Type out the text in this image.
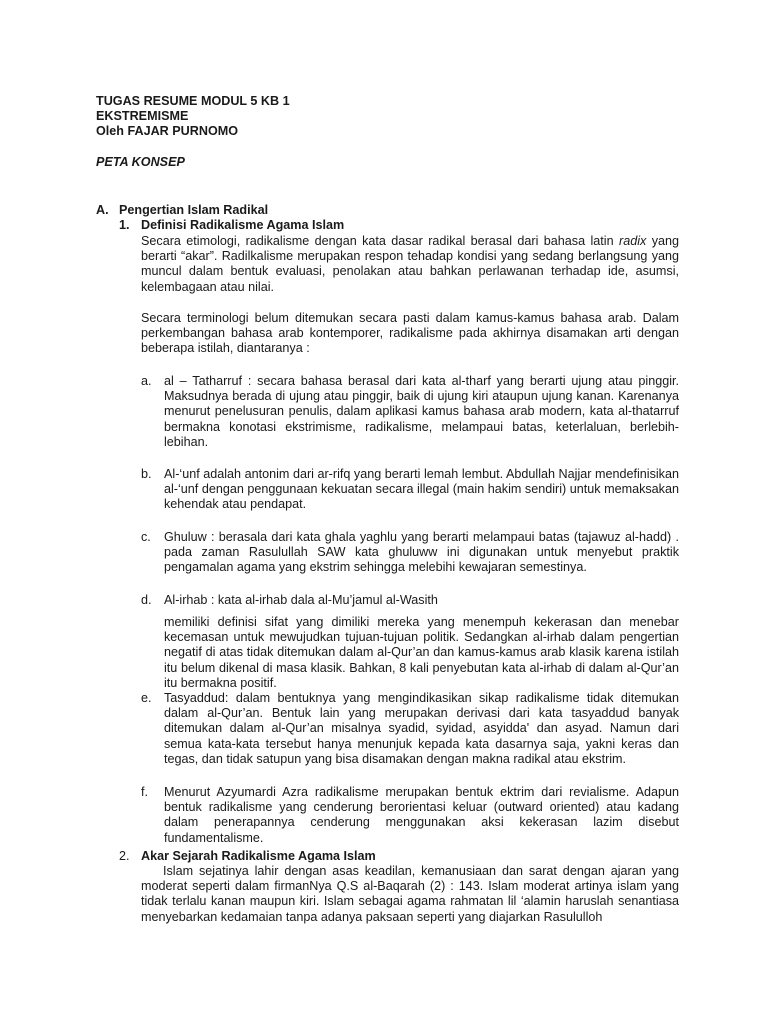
TUGAS RESUME MODUL 5 KB 1
EKSTREMISME
Oleh FAJAR PURNOMO
PETA KONSEP
A. Pengertian Islam Radikal
1. Definisi Radikalisme Agama Islam

Secara etimologi, radikalisme dengan kata dasar radikal berasal dari bahasa latin radix yang berarti “akar”. Radilkalisme merupakan respon tehadap kondisi yang sedang berlangsung yang muncul dalam bentuk evaluasi, penolakan atau bahkan perlawanan terhadap ide, asumsi, kelembagaan atau nilai.

Secara terminologi belum ditemukan secara pasti dalam kamus-kamus bahasa arab. Dalam perkembangan bahasa arab kontemporer, radikalisme pada akhirnya disamakan arti dengan beberapa istilah, diantaranya :

a. al – Tatharruf : secara bahasa berasal dari kata al-tharf yang berarti ujung atau pinggir. Maksudnya berada di ujung atau pinggir, baik di ujung kiri ataupun ujung kanan. Karenanya menurut penelusuran penulis, dalam aplikasi kamus bahasa arab modern, kata al-thatarruf bermakna konotasi ekstrimisme, radikalisme, melampaui batas, keterlaluan, berlebih-lebihan.

b. Al-‘unf adalah antonim dari ar-rifq yang berarti lemah lembut. Abdullah Najjar mendefinisikan al-‘unf dengan penggunaan kekuatan secara illegal (main hakim sendiri) untuk memaksakan kehendak atau pendapat.

c. Ghuluw : berasala dari kata ghala yaghlu yang berarti melampaui batas (tajawuz al-hadd) . pada zaman Rasulullah SAW kata ghuluww ini digunakan untuk menyebut praktik pengamalan agama yang ekstrim sehingga melebihi kewajaran semestinya.

d. Al-irhab : kata al-irhab dala al-Mu’jamul al-Wasith

memiliki definisi sifat yang dimiliki mereka yang menempuh kekerasan dan menebar kecemasan untuk mewujudkan tujuan-tujuan politik. Sedangkan al-irhab dalam pengertian negatif di atas tidak ditemukan dalam al-Qur’an dan kamus-kamus arab klasik karena istilah itu belum dikenal di masa klasik. Bahkan, 8 kali penyebutan kata al-irhab di dalam al-Qur’an itu bermakna positif.

e. Tasyaddud: dalam bentuknya yang mengindikasikan sikap radikalisme tidak ditemukan dalam al-Qur’an. Bentuk lain yang merupakan derivasi dari kata tasyaddud banyak ditemukan dalam al-Qur’an misalnya syadid, syidad, asyidda' dan asyad. Namun dari semua kata-kata tersebut hanya menunjuk kepada kata dasarnya saja, yakni keras dan tegas, dan tidak satupun yang bisa disamakan dengan makna radikal atau ekstrim.

f. Menurut Azyumardi Azra radikalisme merupakan bentuk ektrim dari revialisme. Adapun bentuk radikalisme yang cenderung berorientasi keluar (outward oriented) atau kadang dalam penerapannya cenderung menggunakan aksi kekerasan lazim disebut fundamentalisme.

2. Akar Sejarah Radikalisme Agama Islam

Islam sejatinya lahir dengan asas keadilan, kemanusiaan dan sarat dengan ajaran yang moderat seperti dalam firmanNya Q.S al-Baqarah (2) : 143. Islam moderat artinya islam yang tidak terlalu kanan maupun kiri. Islam sebagai agama rahmatan lil ‘alamin haruslah senantiasa menyebarkan kedamaian tanpa adanya paksaan seperti yang diajarkan Rasululloh
